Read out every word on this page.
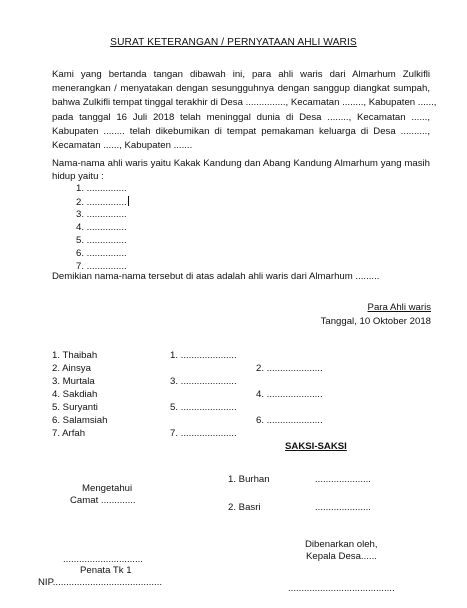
SURAT KETERANGAN / PERNYATAAN AHLI WARIS
Kami yang bertanda tangan dibawah ini, para ahli waris dari Almarhum Zulkifli
menerangkan / menyatakan dengan sesungguhnya dengan sanggup diangkat sumpah,
bahwa Zulkifli tempat tinggal terakhir di Desa ..............., Kecamatan ........, Kabupaten ......,
pada tanggal 16 Juli 2018 telah meninggal dunia di Desa ........, Kecamatan ......,
Kabupaten ........ telah dikebumikan di tempat pemakaman keluarga di Desa ..........,
Kecamatan ......, Kabupaten .......
Nama-nama ahli waris yaitu Kakak Kandung dan Abang Kandung Almarhum yang masih
hidup yaitu :
1. ...............
2. ...............
3. ...............
4. ...............
5. ...............
6. ...............
7. ...............
Demikian nama-nama tersebut di atas adalah ahli waris dari Almarhum .........
Para Ahli waris
Tanggal, 10 Oktober 2018
1. Thaibah
2. Ainsya
3. Murtala
4. Sakdiah
5. Suryanti
6. Salamsiah
7. Arfah
1. .....................
3. .....................
5. .....................
7. .....................
2. .....................
4. .....................
6. .....................
SAKSI-SAKSI
1. Burhan	.....................
2. Basri	.....................
Mengetahui
Camat .............
Dibenarkan oleh,
Kepala Desa......
..............................
Penata Tk 1
NIP.........................................
........................................
